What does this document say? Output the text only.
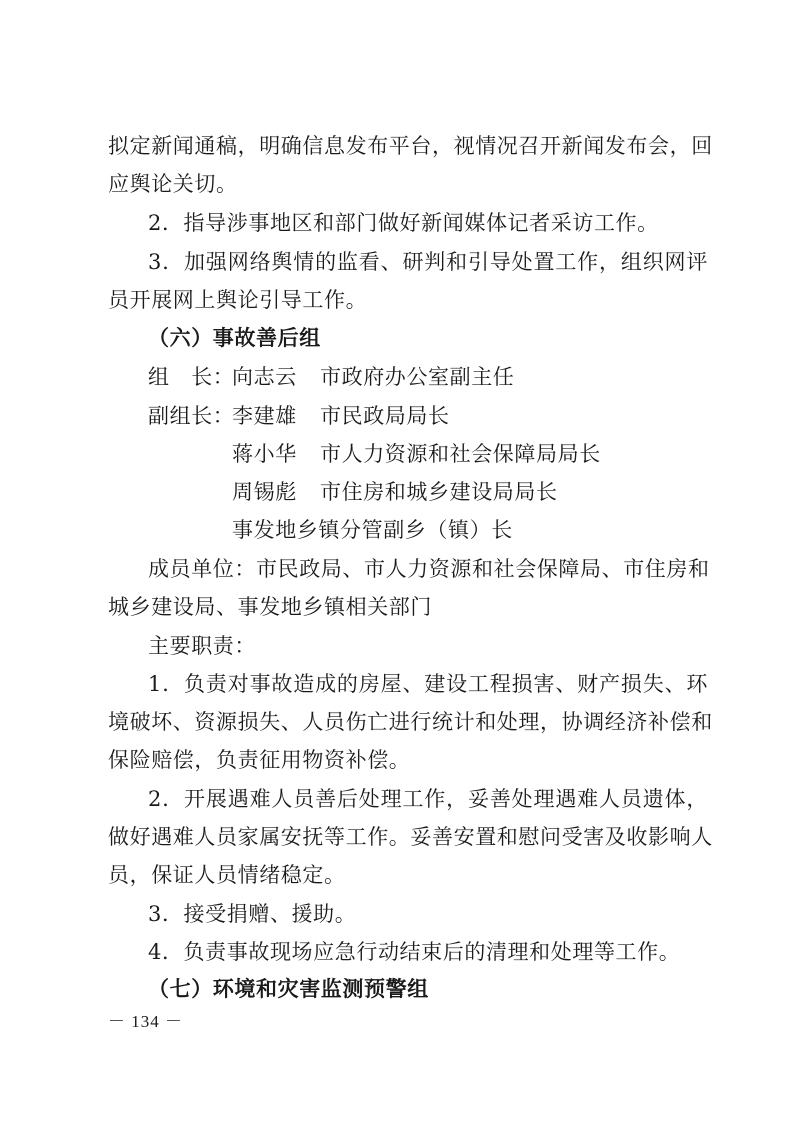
拟定新闻通稿，明确信息发布平台，视情况召开新闻发布会，回
应舆论关切。
2．指导涉事地区和部门做好新闻媒体记者采访工作。
3．加强网络舆情的监看、研判和引导处置工作，组织网评
员开展网上舆论引导工作。
（六）事故善后组
组　长：向志云 市政府办公室副主任
副组长：李建雄 市民政局局长
蒋小华 市人力资源和社会保障局局长
周锡彪 市住房和城乡建设局局长
事发地乡镇分管副乡（镇）长
成员单位：市民政局、市人力资源和社会保障局、市住房和
城乡建设局、事发地乡镇相关部门
主要职责：
1．负责对事故造成的房屋、建设工程损害、财产损失、环
境破坏、资源损失、人员伤亡进行统计和处理，协调经济补偿和
保险赔偿，负责征用物资补偿。
2．开展遇难人员善后处理工作，妥善处理遇难人员遗体，
做好遇难人员家属安抚等工作。妥善安置和慰问受害及收影响人
员，保证人员情绪稳定。
3．接受捐赠、援助。
4．负责事故现场应急行动结束后的清理和处理等工作。
（七）环境和灾害监测预警组
－ 134 －
